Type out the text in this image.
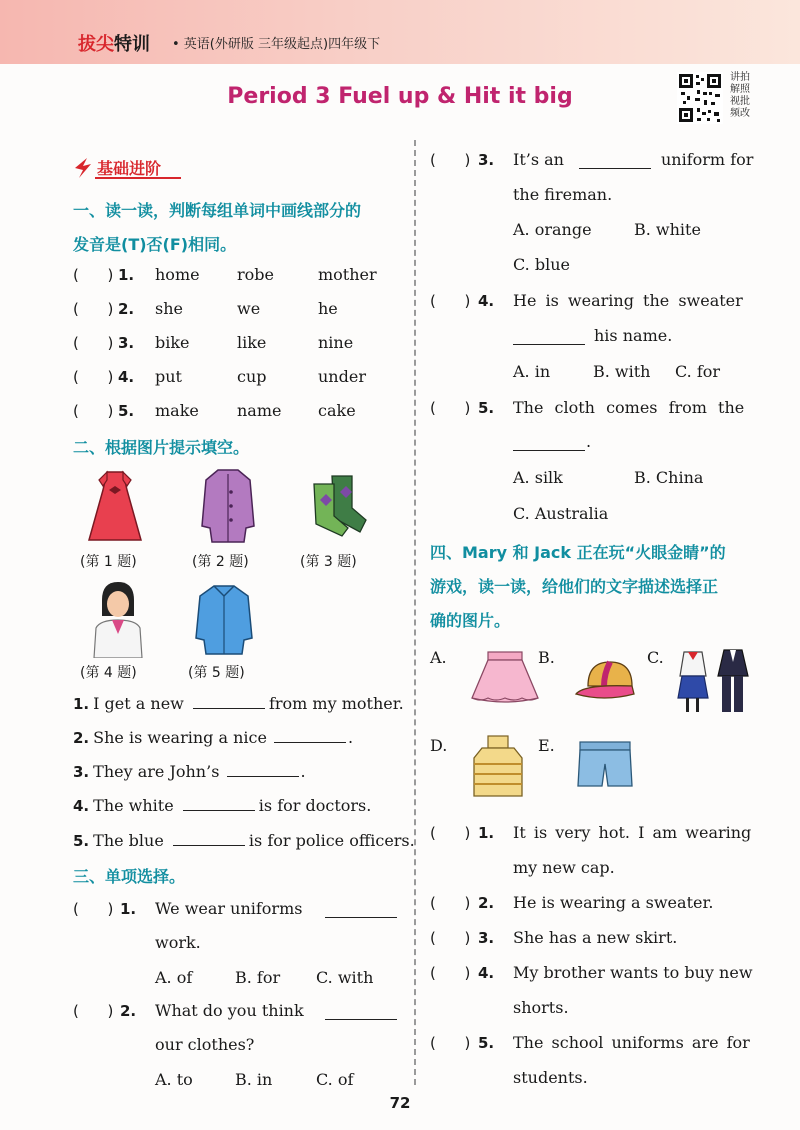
拔尖特训 • 英语(外研版 三年级起点)四年级下
Period 3 Fuel up & Hit it big
讲拍解照视批频改
基础进阶
一、读一读，判断每组单词中画线部分的
发音是(T)否(F)相同。
(      ) 1. home robe	mother
(      ) 2. she	we	he
(      ) 3. bike	like	nine
(      ) 4. put	cup	under
(      ) 5. make name cake
二、根据图片提示填空。
(第 1 题)	(第 2 题)	(第 3 题)
(第 4 题)	(第 5 题)
1. I get a new	from my mother.
2. She is wearing a nice	.
3. They are John’s	.
4. The white	is for doctors.
5. The blue	is for police officers.
三、单项选择。
(      ) 1. We wear uniforms
work.
A. of	B. for C. with
(      ) 2. What do you think
our clothes?
A. to	B. in	C. of
(      ) 3. It’s an	uniform for
the fireman.
A. orange	B. white
C. blue
(      ) 4. He is wearing the sweater
his name.
A. in	B. with C. for
(      ) 5. The cloth comes from the
.
A. silk	B. China
C. Australia
四、Mary 和 Jack 正在玩“火眼金睛”的
游戏，读一读，给他们的文字描述选择正
确的图片。
A.	B.	C.
D.	E.
(      ) 1. It is very hot. I am wearing
my new cap.
(      ) 2. He is wearing a sweater.
(      ) 3. She has a new skirt.
(      ) 4. My brother wants to buy new
shorts.
(      ) 5. The school uniforms are for
students.
72
